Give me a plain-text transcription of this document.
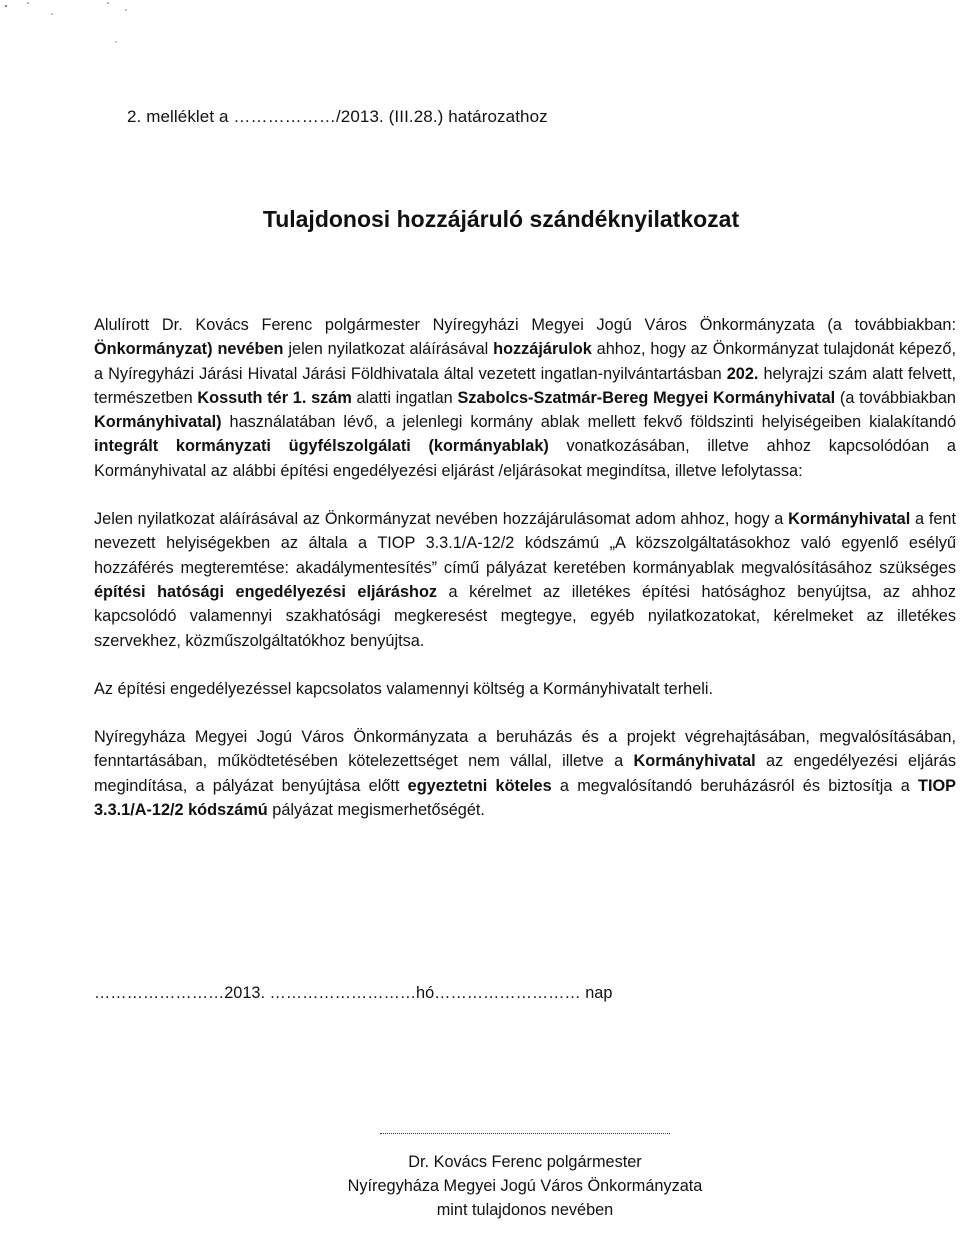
2. melléklet a ………………/2013. (III.28.) határozathoz
Tulajdonosi hozzájáruló szándéknyilatkozat

Alulírott Dr. Kovács Ferenc polgármester Nyíregyházi Megyei Jogú Város Önkormányzata (a továbbiakban: Önkormányzat) nevében jelen nyilatkozat aláírásával hozzájárulok ahhoz, hogy az Önkormányzat tulajdonát képező, a Nyíregyházi Járási Hivatal Járási Földhivatala által vezetett ingatlan-nyilvántartásban 202. helyrajzi szám alatt felvett, természetben Kossuth tér 1. szám alatti ingatlan Szabolcs-Szatmár-Bereg Megyei Kormányhivatal (a továbbiakban Kormányhivatal) használatában lévő, a jelenlegi kormány ablak mellett fekvő földszinti helyiségeiben kialakítandó integrált kormányzati ügyfélszolgálati (kormányablak) vonatkozásában, illetve ahhoz kapcsolódóan a Kormányhivatal az alábbi építési engedélyezési eljárást /eljárásokat megindítsa, illetve lefolytassa:

Jelen nyilatkozat aláírásával az Önkormányzat nevében hozzájárulásomat adom ahhoz, hogy a Kormányhivatal a fent nevezett helyiségekben az általa a TIOP 3.3.1/A-12/2 kódszámú „A közszolgáltatásokhoz való egyenlő esélyű hozzáférés megteremtése: akadálymentesítés” című pályázat keretében kormányablak megvalósításához szükséges építési hatósági engedélyezési eljáráshoz a kérelmet az illetékes építési hatósághoz benyújtsa, az ahhoz kapcsolódó valamennyi szakhatósági megkeresést megtegye, egyéb nyilatkozatokat, kérelmeket az illetékes szervekhez, közműszolgáltatókhoz benyújtsa.

Az építési engedélyezéssel kapcsolatos valamennyi költség a Kormányhivatalt terheli.

Nyíregyháza Megyei Jogú Város Önkormányzata a beruházás és a projekt végrehajtásában, megvalósításában, fenntartásában, működtetésében kötelezettséget nem vállal, illetve a Kormányhivatal az engedélyezési eljárás megindítása, a pályázat benyújtása előtt egyeztetni köteles a megvalósítandó beruházásról és biztosítja a TIOP 3.3.1/A-12/2 kódszámú pályázat megismerhetőségét.

……………………2013. ………………………hó……………………… nap
Dr. Kovács Ferenc polgármester
Nyíregyháza Megyei Jogú Város Önkormányzata
mint tulajdonos nevében
